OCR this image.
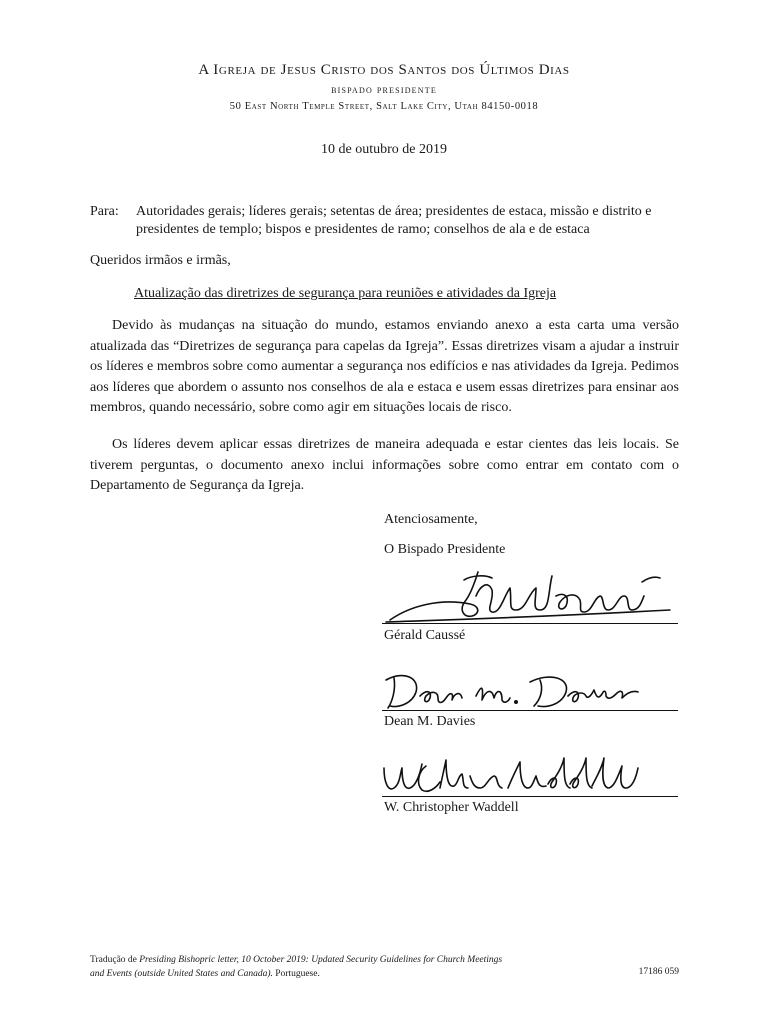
A Igreja de Jesus Cristo dos Santos dos Últimos Dias
bispado presidente
50 East North Temple Street, Salt Lake City, Utah 84150-0018
10 de outubro de 2019
Para: Autoridades gerais; líderes gerais; setentas de área; presidentes de estaca, missão e distrito e presidentes de templo; bispos e presidentes de ramo; conselhos de ala e de estaca
Queridos irmãos e irmãs,
Atualização das diretrizes de segurança para reuniões e atividades da Igreja

Devido às mudanças na situação do mundo, estamos enviando anexo a esta carta uma versão atualizada das “Diretrizes de segurança para capelas da Igreja”. Essas diretrizes visam a ajudar a instruir os líderes e membros sobre como aumentar a segurança nos edifícios e nas atividades da Igreja. Pedimos aos líderes que abordem o assunto nos conselhos de ala e estaca e usem essas diretrizes para ensinar aos membros, quando necessário, sobre como agir em situações locais de risco.

Os líderes devem aplicar essas diretrizes de maneira adequada e estar cientes das leis locais. Se tiverem perguntas, o documento anexo inclui informações sobre como entrar em contato com o Departamento de Segurança da Igreja.

Atenciosamente,
O Bispado Presidente
Gérald Caussé
Dean M. Davies
W. Christopher Waddell
Tradução de Presiding Bishopric letter, 10 October 2019: Updated Security Guidelines for Church Meetings and Events (outside United States and Canada). Portuguese.	17186 059
